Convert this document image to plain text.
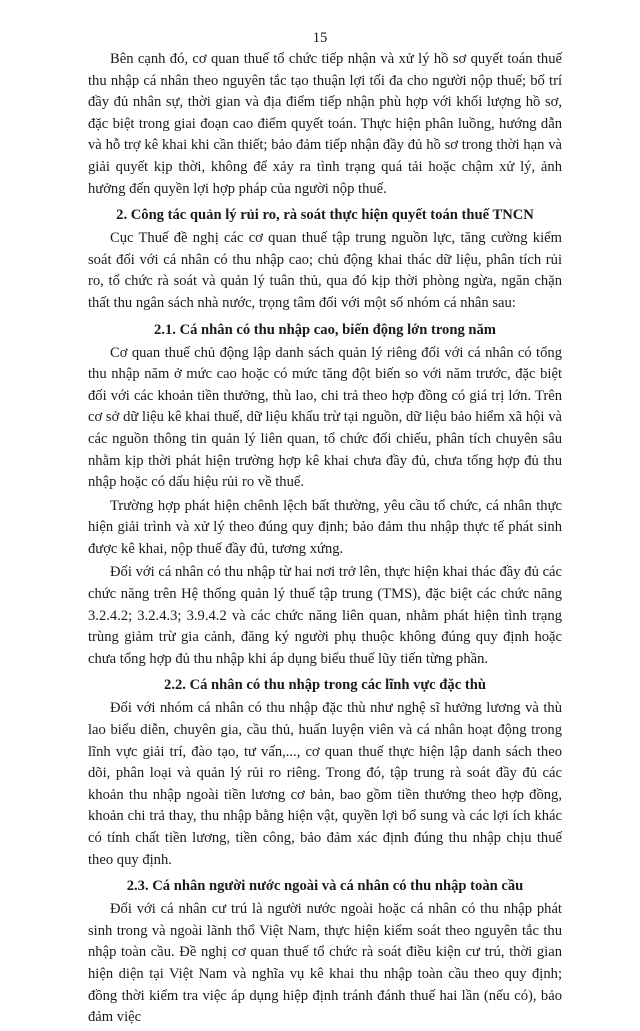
15

Bên cạnh đó, cơ quan thuế tổ chức tiếp nhận và xử lý hồ sơ quyết toán thuế thu nhập cá nhân theo nguyên tắc tạo thuận lợi tối đa cho người nộp thuế; bố trí đầy đủ nhân sự, thời gian và địa điểm tiếp nhận phù hợp với khối lượng hồ sơ, đặc biệt trong giai đoạn cao điểm quyết toán. Thực hiện phân luồng, hướng dẫn và hỗ trợ kê khai khi cần thiết; bảo đảm tiếp nhận đầy đủ hồ sơ trong thời hạn và giải quyết kịp thời, không để xảy ra tình trạng quá tải hoặc chậm xử lý, ảnh hưởng đến quyền lợi hợp pháp của người nộp thuế.

2. Công tác quản lý rủi ro, rà soát thực hiện quyết toán thuế TNCN

Cục Thuế đề nghị các cơ quan thuế tập trung nguồn lực, tăng cường kiểm soát đối với cá nhân có thu nhập cao; chủ động khai thác dữ liệu, phân tích rủi ro, tổ chức rà soát và quản lý tuân thủ, qua đó kịp thời phòng ngừa, ngăn chặn thất thu ngân sách nhà nước, trọng tâm đối với một số nhóm cá nhân sau:

2.1. Cá nhân có thu nhập cao, biến động lớn trong năm

Cơ quan thuế chủ động lập danh sách quản lý riêng đối với cá nhân có tổng thu nhập năm ở mức cao hoặc có mức tăng đột biến so với năm trước, đặc biệt đối với các khoản tiền thưởng, thù lao, chi trả theo hợp đồng có giá trị lớn. Trên cơ sở dữ liệu kê khai thuế, dữ liệu khấu trừ tại nguồn, dữ liệu bảo hiểm xã hội và các nguồn thông tin quản lý liên quan, tổ chức đối chiếu, phân tích chuyên sâu nhằm kịp thời phát hiện trường hợp kê khai chưa đầy đủ, chưa tổng hợp đủ thu nhập hoặc có dấu hiệu rủi ro về thuế.

Trường hợp phát hiện chênh lệch bất thường, yêu cầu tổ chức, cá nhân thực hiện giải trình và xử lý theo đúng quy định; bảo đảm thu nhập thực tế phát sinh được kê khai, nộp thuế đầy đủ, tương xứng.

Đối với cá nhân có thu nhập từ hai nơi trở lên, thực hiện khai thác đầy đủ các chức năng trên Hệ thống quản lý thuế tập trung (TMS), đặc biệt các chức năng 3.2.4.2; 3.2.4.3; 3.9.4.2 và các chức năng liên quan, nhằm phát hiện tình trạng trùng giảm trừ gia cảnh, đăng ký người phụ thuộc không đúng quy định hoặc chưa tổng hợp đủ thu nhập khi áp dụng biểu thuế lũy tiến từng phần.

2.2. Cá nhân có thu nhập trong các lĩnh vực đặc thù

Đối với nhóm cá nhân có thu nhập đặc thù như nghệ sĩ hưởng lương và thù lao biểu diễn, chuyên gia, cầu thủ, huấn luyện viên và cá nhân hoạt động trong lĩnh vực giải trí, đào tạo, tư vấn,..., cơ quan thuế thực hiện lập danh sách theo dõi, phân loại và quản lý rủi ro riêng. Trong đó, tập trung rà soát đầy đủ các khoản thu nhập ngoài tiền lương cơ bản, bao gồm tiền thưởng theo hợp đồng, khoản chi trả thay, thu nhập bằng hiện vật, quyền lợi bổ sung và các lợi ích khác có tính chất tiền lương, tiền công, bảo đảm xác định đúng thu nhập chịu thuế theo quy định.

2.3. Cá nhân người nước ngoài và cá nhân có thu nhập toàn cầu

Đối với cá nhân cư trú là người nước ngoài hoặc cá nhân có thu nhập phát sinh trong và ngoài lãnh thổ Việt Nam, thực hiện kiểm soát theo nguyên tắc thu nhập toàn cầu. Đề nghị cơ quan thuế tổ chức rà soát điều kiện cư trú, thời gian hiện diện tại Việt Nam và nghĩa vụ kê khai thu nhập toàn cầu theo quy định; đồng thời kiểm tra việc áp dụng hiệp định tránh đánh thuế hai lần (nếu có), bảo đảm việc
